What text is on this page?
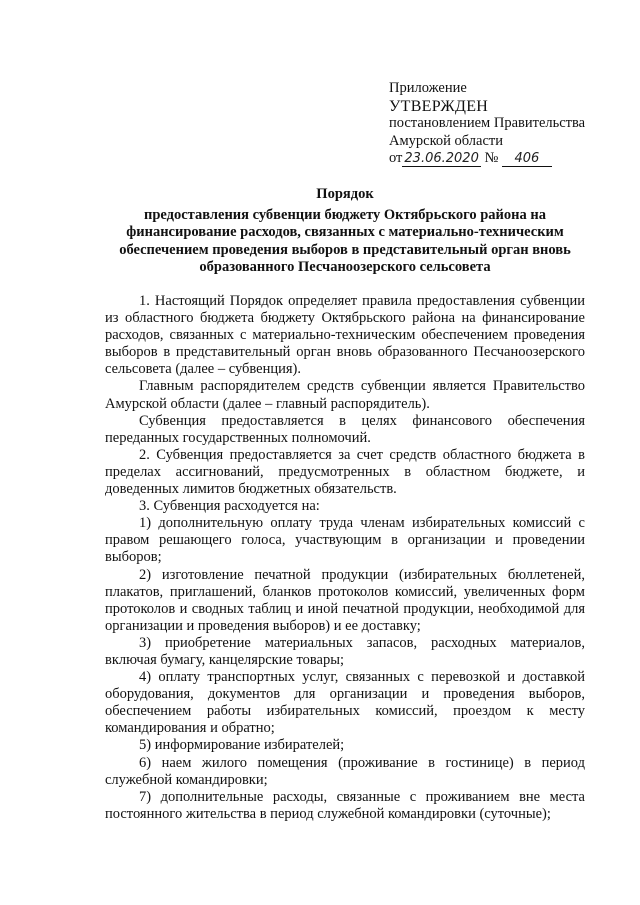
Приложение
УТВЕРЖДЕН
постановлением Правительства
Амурской области
от 23.06.2020 № 406
Порядок
предоставления субвенции бюджету Октябрьского района на финансирование расходов, связанных с материально-техническим обеспечением проведения выборов в представительный орган вновь образованного Песчаноозерского сельсовета

1. Настоящий Порядок определяет правила предоставления субвенции из областного бюджета бюджету Октябрьского района на финансирование расходов, связанных с материально-техническим обеспечением проведения выборов в представительный орган вновь образованного Песчаноозерского сельсовета (далее – субвенция).

Главным распорядителем средств субвенции является Правительство Амурской области (далее – главный распорядитель).

Субвенция предоставляется в целях финансового обеспечения переданных государственных полномочий.

2. Субвенция предоставляется за счет средств областного бюджета в пределах ассигнований, предусмотренных в областном бюджете, и доведенных лимитов бюджетных обязательств.

3. Субвенция расходуется на:

1) дополнительную оплату труда членам избирательных комиссий с правом решающего голоса, участвующим в организации и проведении выборов;

2) изготовление печатной продукции (избирательных бюллетеней, плакатов, приглашений, бланков протоколов комиссий, увеличенных форм протоколов и сводных таблиц и иной печатной продукции, необходимой для организации и проведения выборов) и ее доставку;

3) приобретение материальных запасов, расходных материалов, включая бумагу, канцелярские товары;

4) оплату транспортных услуг, связанных с перевозкой и доставкой оборудования, документов для организации и проведения выборов, обеспечением работы избирательных комиссий, проездом к месту командирования и обратно;

5) информирование избирателей;

6) наем жилого помещения (проживание в гостинице) в период служебной командировки;

7) дополнительные расходы, связанные с проживанием вне места постоянного жительства в период служебной командировки (суточные);
